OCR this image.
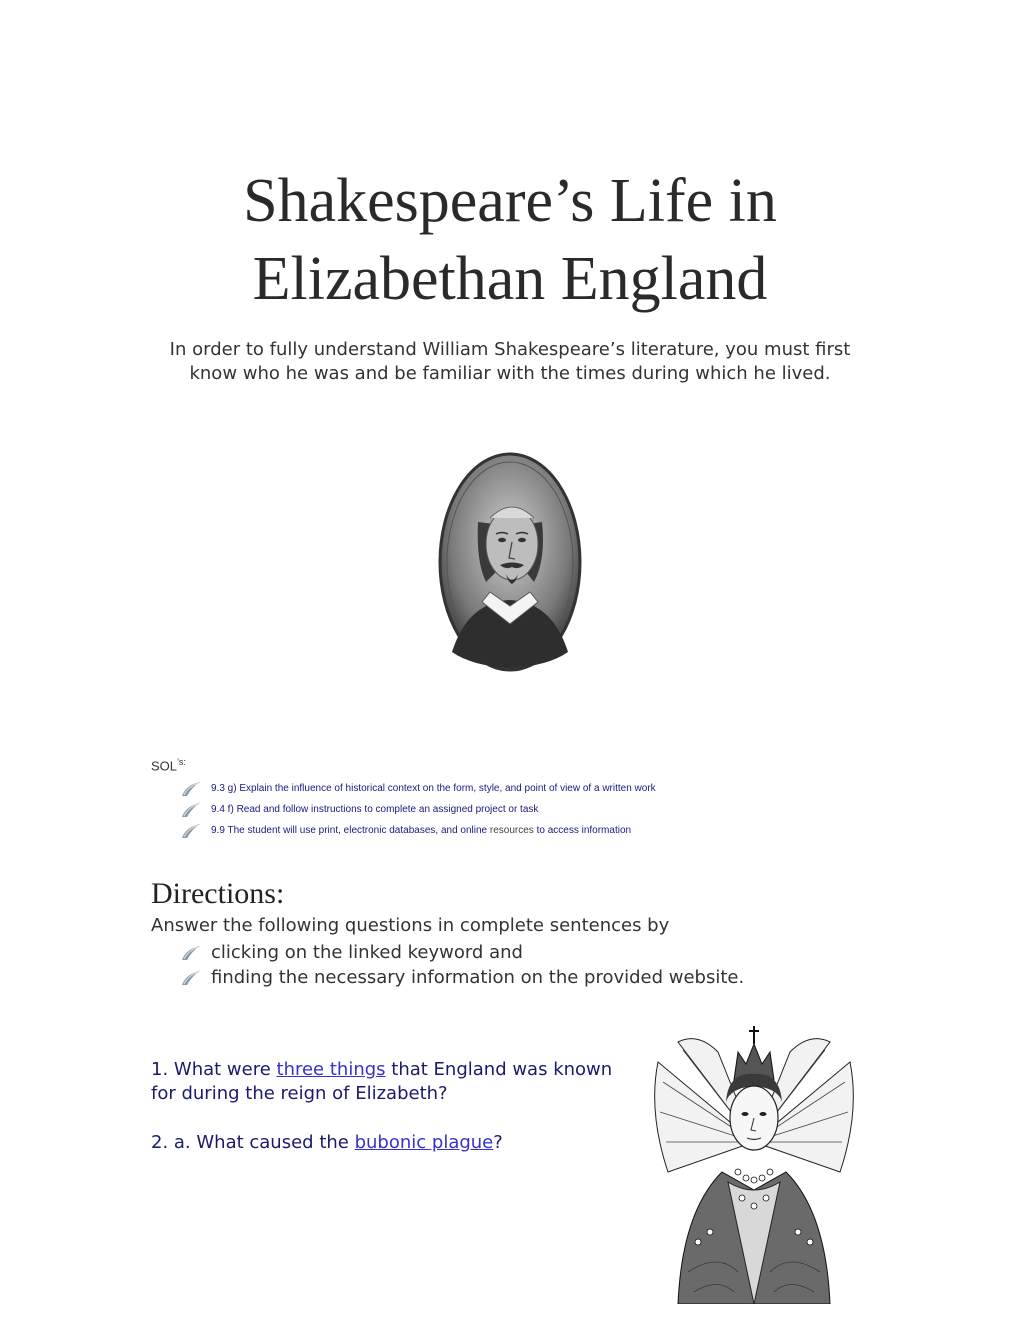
Shakespeare’s Life in
Elizabethan England

In order to fully understand William Shakespeare’s literature, you must first know who he was and be familiar with the times during which he lived.

$SOL^{’s:}$

9.3 g) Explain the influence of historical context on the form, style, and point of view of a written work
9.4 f) Read and follow instructions to complete an assigned project or task
9.9 The student will use print, electronic databases, and online resources to access information
Directions:

Answer the following questions in complete sentences by

clicking on the linked keyword and
finding the necessary information on the provided website.

1. What were three things that England was known for during the reign of Elizabeth?

2. a. What caused the bubonic plague?
